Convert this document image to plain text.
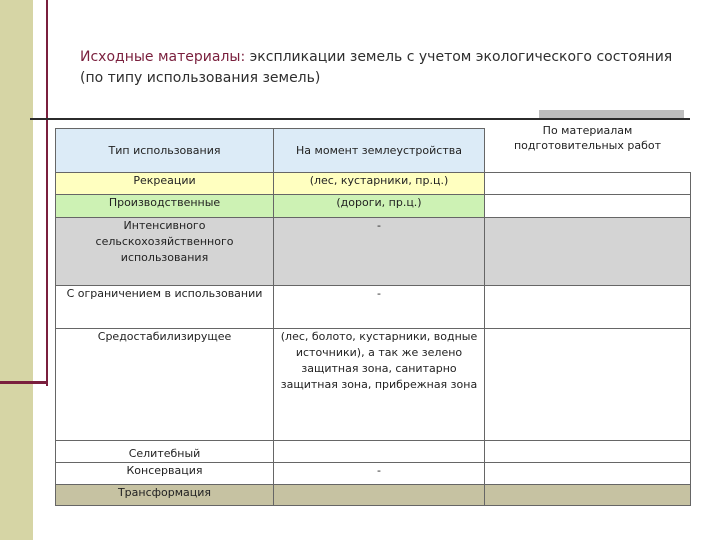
Исходные материалы: экспликации земель с учетом экологического состояния (по типу использования земель)
Тип использования	На момент землеустройства	По материалам подготовительных работ
Рекреации	(лес, кустарники, пр.ц.)	
Производственные	(дороги, пр.ц.)	
Интенсивного сельскохозяйственного использования	-	
С ограничением в использовании	-	
Средостабилизирущее	(лес, болото, кустарники, водные источники), а так же зелено защитная зона, санитарно защитная зона, прибрежная зона	
Селитебный		
Консервация	-	
Трансформация		
